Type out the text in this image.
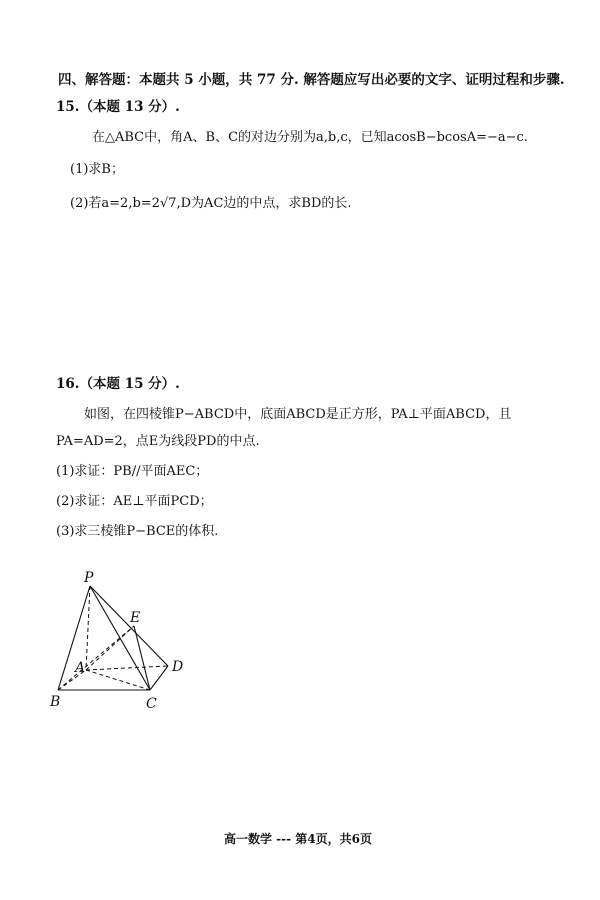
四、解答题：本题共 5 小题，共 77 分. 解答题应写出必要的文字、证明过程和步骤.
15.（本题 13 分）.
在△ABC中，角A、B、C的对边分别为a,b,c，已知acosB−bcosA=−a−c.
(1)求B；
(2)若a=2,b=2√7,D为AC边的中点，求BD的长.
16.（本题 15 分）.
如图，在四棱锥P−ABCD中，底面ABCD是正方形，PA⊥平面ABCD，且
PA=AD=2，点E为线段PD的中点.
(1)求证：PB//平面AEC；
(2)求证：AE⊥平面PCD；
(3)求三棱锥P−BCE的体积.
P
E
A	D
B	C
高一数学 --- 第4页，共6页
